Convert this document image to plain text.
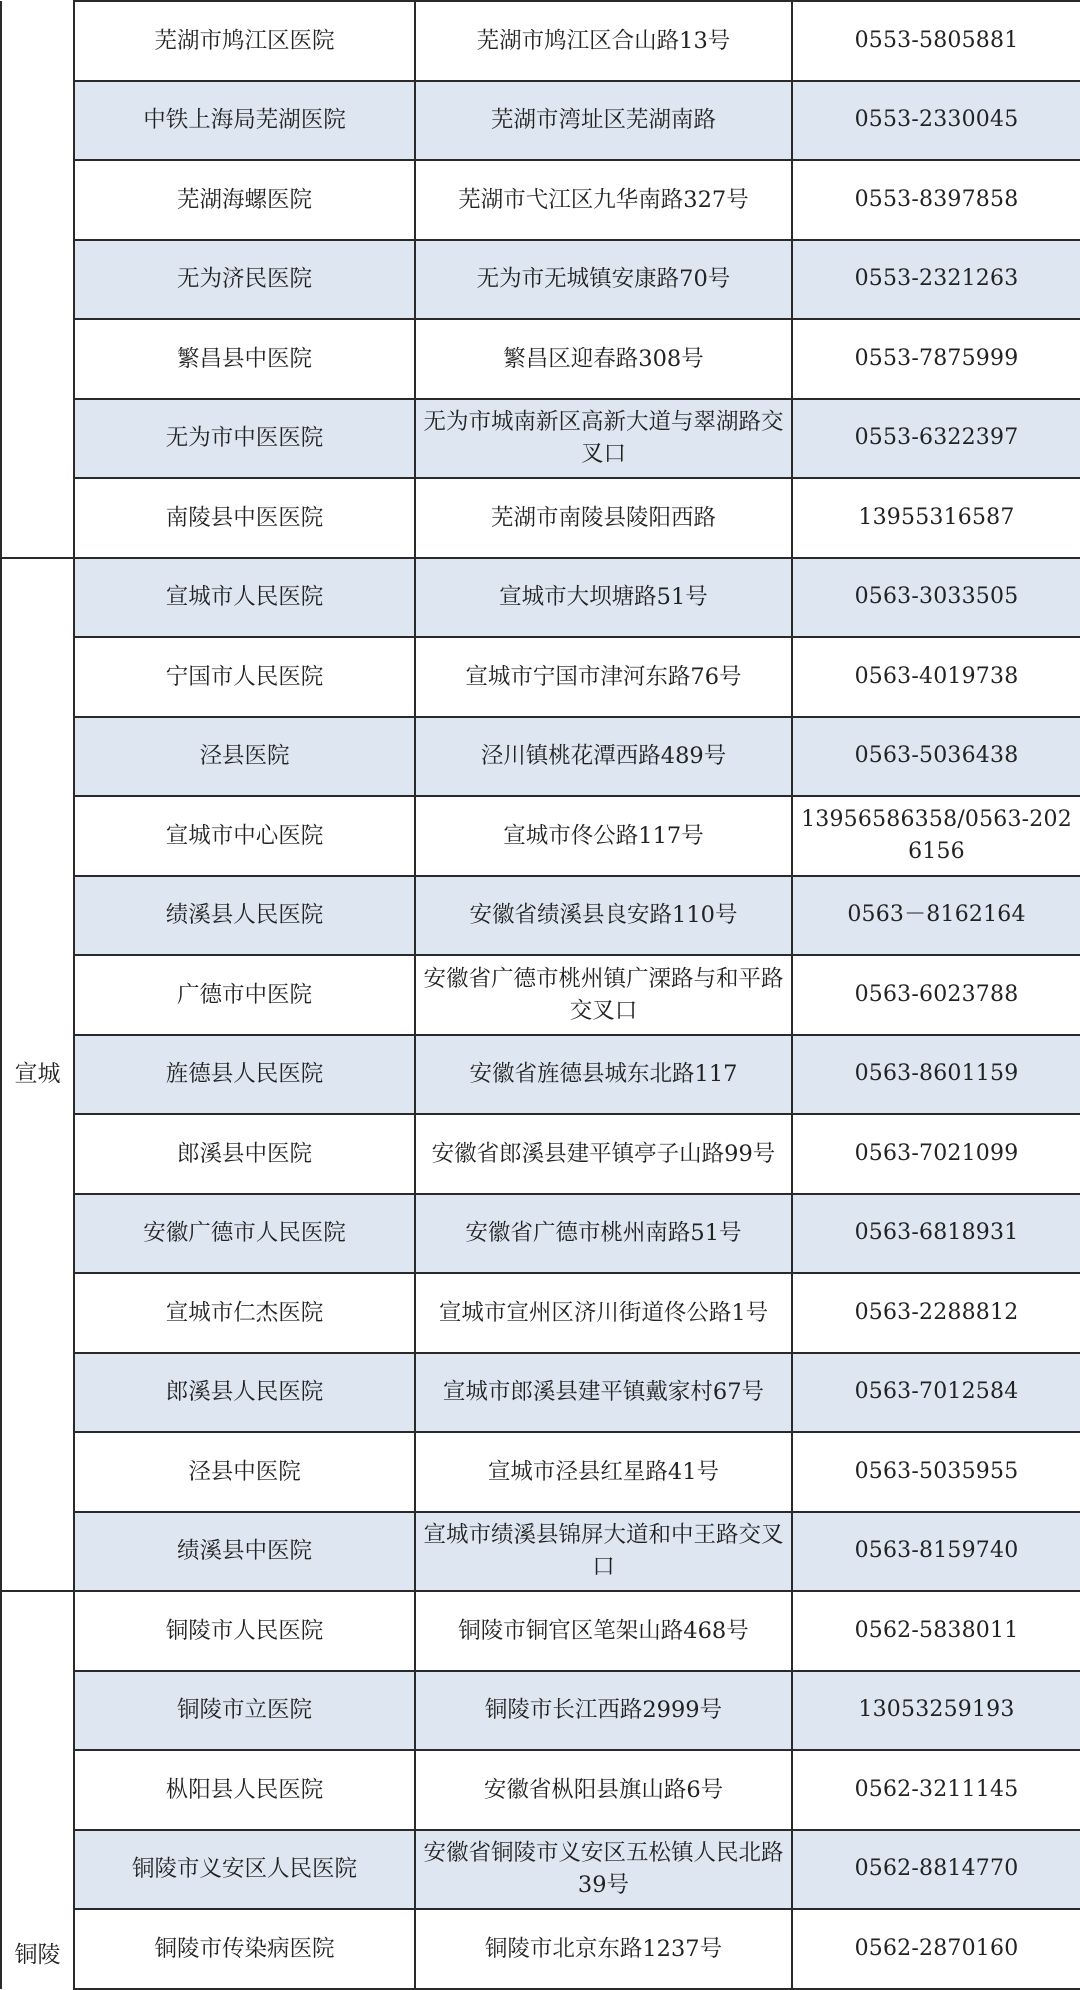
	芜湖市鸠江区医院	芜湖市鸠江区合山路13号	0553-5805881
	中铁上海局芜湖医院	芜湖市湾址区芜湖南路	0553-2330045
	芜湖海螺医院	芜湖市弋江区九华南路327号	0553-8397858
	无为济民医院	无为市无城镇安康路70号	0553-2321263
	繁昌县中医院	繁昌区迎春路308号	0553-7875999
	无为市中医医院	无为市城南新区高新大道与翠湖路交叉口	0553-6322397
	南陵县中医医院	芜湖市南陵县陵阳西路	13955316587
宣城	宣城市人民医院	宣城市大坝塘路51号	0563-3033505
	宁国市人民医院	宣城市宁国市津河东路76号	0563-4019738
	泾县医院	泾川镇桃花潭西路489号	0563-5036438
	宣城市中心医院	宣城市佟公路117号	13956586358/0563-2026156
	绩溪县人民医院	安徽省绩溪县良安路110号	0563－8162164
	广德市中医院	安徽省广德市桃州镇广溧路与和平路交叉口	0563-6023788
	旌德县人民医院	安徽省旌德县城东北路117	0563-8601159
	郎溪县中医院	安徽省郎溪县建平镇亭子山路99号	0563-7021099
	安徽广德市人民医院	安徽省广德市桃州南路51号	0563-6818931
	宣城市仁杰医院	宣城市宣州区济川街道佟公路1号	0563-2288812
	郎溪县人民医院	宣城市郎溪县建平镇戴家村67号	0563-7012584
	泾县中医院	宣城市泾县红星路41号	0563-5035955
	绩溪县中医院	宣城市绩溪县锦屏大道和中王路交叉口	0563-8159740
铜陵	铜陵市人民医院	铜陵市铜官区笔架山路468号	0562-5838011
	铜陵市立医院	铜陵市长江西路2999号	13053259193
	枞阳县人民医院	安徽省枞阳县旗山路6号	0562-3211145
	铜陵市义安区人民医院	安徽省铜陵市义安区五松镇人民北路39号	0562-8814770
	铜陵市传染病医院	铜陵市北京东路1237号	0562-2870160
